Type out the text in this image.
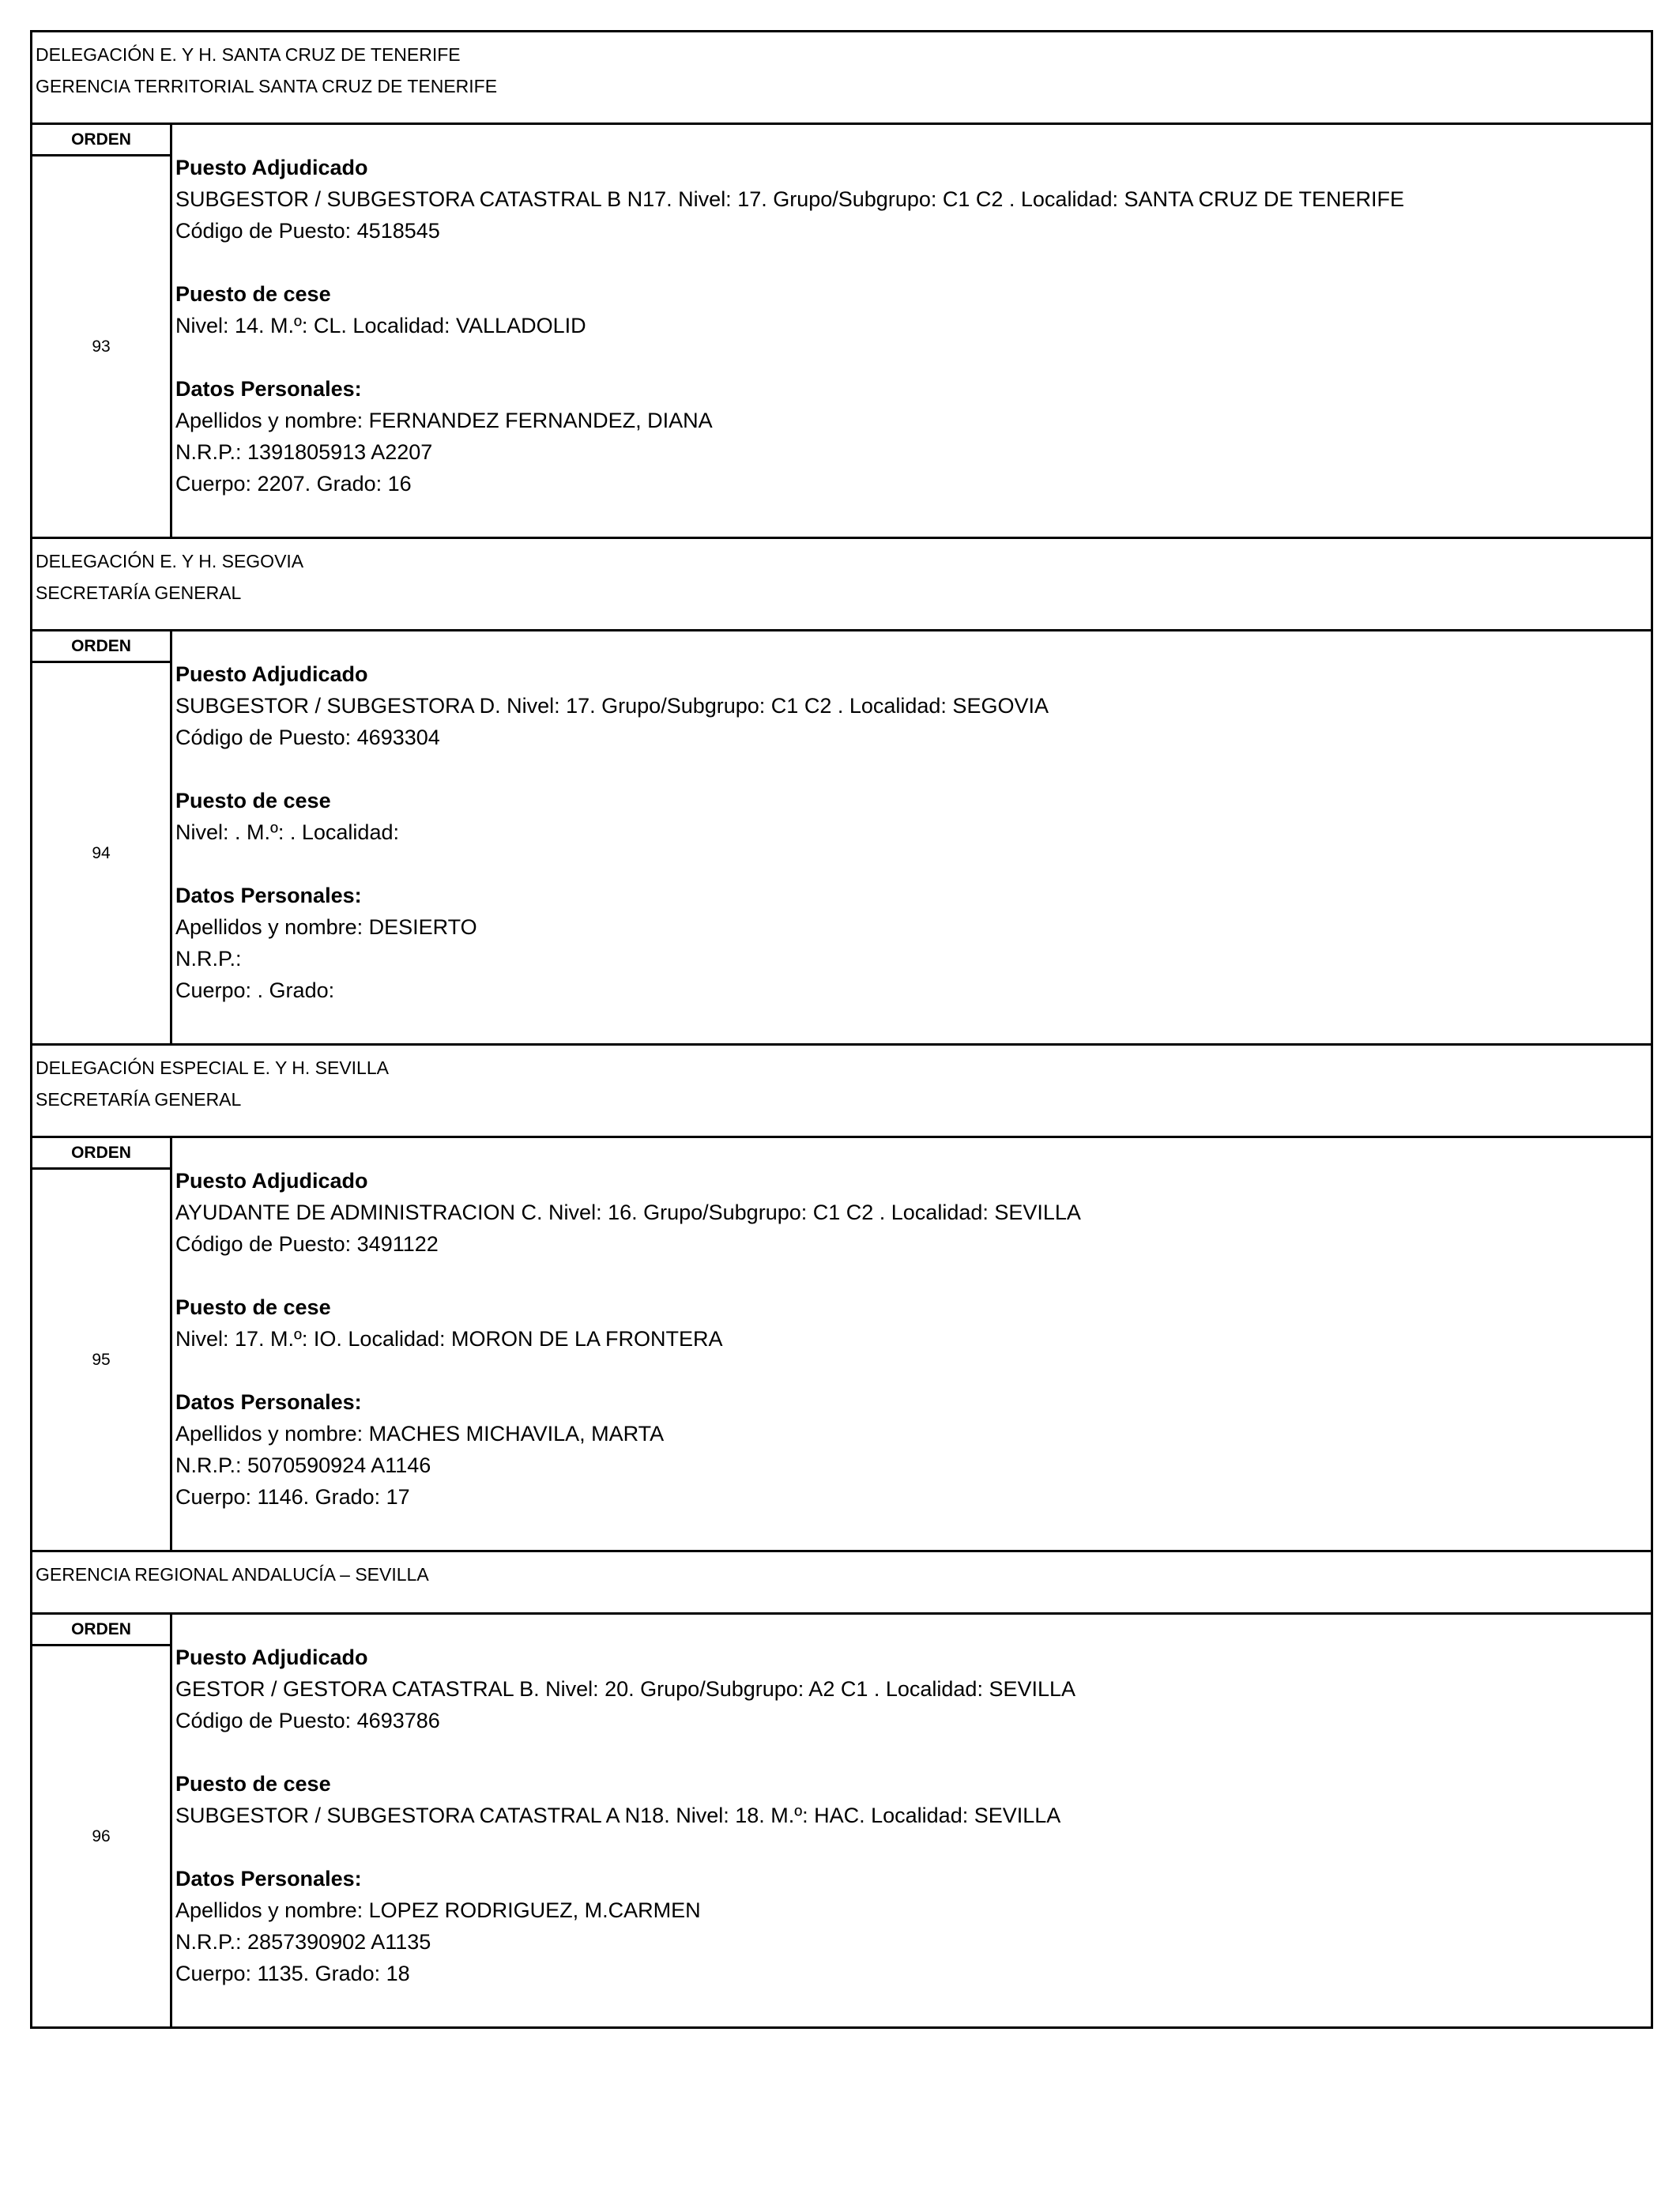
DELEGACIÓN E. Y H. SANTA CRUZ DE TENERIFE
GERENCIA TERRITORIAL SANTA CRUZ DE TENERIFE
ORDEN
93
Puesto Adjudicado
SUBGESTOR / SUBGESTORA CATASTRAL B N17. Nivel: 17. Grupo/Subgrupo: C1 C2 . Localidad: SANTA CRUZ DE TENERIFE
Código de Puesto: 4518545
Puesto de cese
Nivel: 14. M.º: CL. Localidad: VALLADOLID
Datos Personales:
Apellidos y nombre: FERNANDEZ FERNANDEZ, DIANA
N.R.P.: 1391805913 A2207
Cuerpo: 2207. Grado: 16
DELEGACIÓN E. Y H. SEGOVIA
SECRETARÍA GENERAL
ORDEN
94
Puesto Adjudicado
SUBGESTOR / SUBGESTORA D. Nivel: 17. Grupo/Subgrupo: C1 C2 . Localidad: SEGOVIA
Código de Puesto: 4693304
Puesto de cese
Nivel: . M.º: . Localidad:
Datos Personales:
Apellidos y nombre: DESIERTO
N.R.P.:
Cuerpo: . Grado:
DELEGACIÓN ESPECIAL E. Y H. SEVILLA
SECRETARÍA GENERAL
ORDEN
95
Puesto Adjudicado
AYUDANTE DE ADMINISTRACION C. Nivel: 16. Grupo/Subgrupo: C1 C2 . Localidad: SEVILLA
Código de Puesto: 3491122
Puesto de cese
Nivel: 17. M.º: IO. Localidad: MORON DE LA FRONTERA
Datos Personales:
Apellidos y nombre: MACHES MICHAVILA, MARTA
N.R.P.: 5070590924 A1146
Cuerpo: 1146. Grado: 17
GERENCIA REGIONAL ANDALUCÍA – SEVILLA
ORDEN
96
Puesto Adjudicado
GESTOR / GESTORA CATASTRAL B. Nivel: 20. Grupo/Subgrupo: A2 C1 . Localidad: SEVILLA
Código de Puesto: 4693786
Puesto de cese
SUBGESTOR / SUBGESTORA CATASTRAL A N18. Nivel: 18. M.º: HAC. Localidad: SEVILLA
Datos Personales:
Apellidos y nombre: LOPEZ RODRIGUEZ, M.CARMEN
N.R.P.: 2857390902 A1135
Cuerpo: 1135. Grado: 18
